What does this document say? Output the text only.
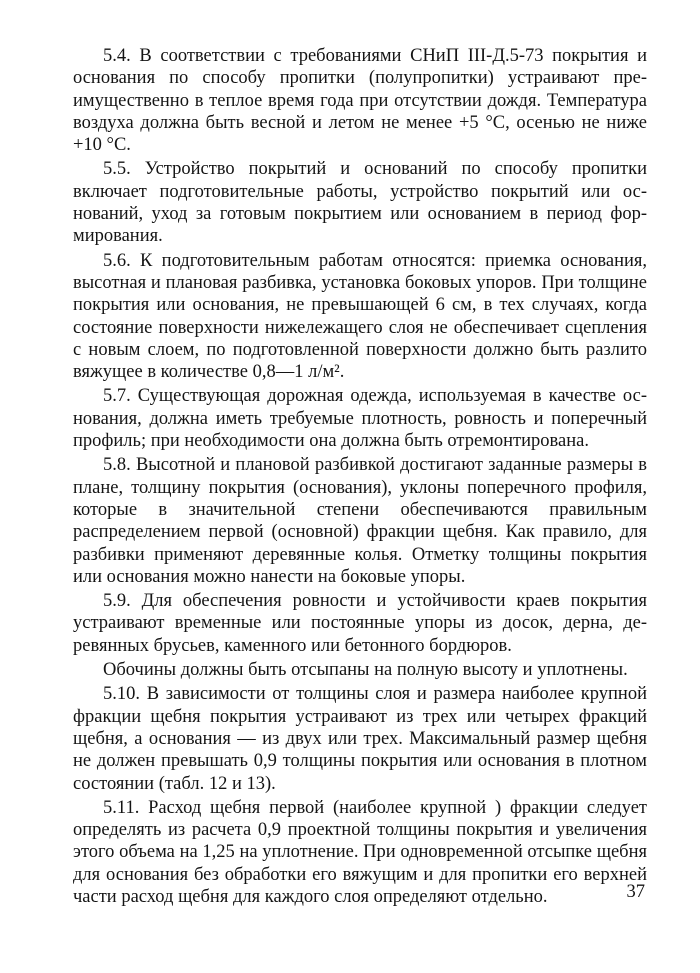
5.4. В соответствии с требованиями СНиП III-Д.5-73 покрытия и основания по способу пропитки (полупропитки) устраивают преимущественно в теплое время года при отсутствии дождя. Температура воздуха должна быть весной и летом не менее +5 °С, осенью не ниже +10 °С.

5.5. Устройство покрытий и оснований по способу пропитки включает подготовительные работы, устройство покрытий или оснований, уход за готовым покрытием или основанием в период формирования.

5.6. К подготовительным работам относятся: приемка основания, высотная и плановая разбивка, установка боковых упоров. При толщине покрытия или основания, не превышающей 6 см, в тех случаях, когда состояние поверхности нижележащего слоя не обеспечивает сцепления с новым слоем, по подготовленной поверхности должно быть разлито вяжущее в количестве 0,8—1 л/м².

5.7. Существующая дорожная одежда, используемая в качестве основания, должна иметь требуемые плотность, ровность и поперечный профиль; при необходимости она должна быть отремонтирована.

5.8. Высотной и плановой разбивкой достигают заданные размеры в плане, толщину покрытия (основания), уклоны поперечного профиля, которые в значительной степени обеспечиваются правильным распределением первой (основной) фракции щебня. Как правило, для разбивки применяют деревянные колья. Отметку толщины покрытия или основания можно нанести на боковые упоры.

5.9. Для обеспечения ровности и устойчивости краев покрытия устраивают временные или постоянные упоры из досок, дерна, деревянных брусьев, каменного или бетонного бордюров.

Обочины должны быть отсыпаны на полную высоту и уплотнены.

5.10. В зависимости от толщины слоя и размера наиболее крупной фракции щебня покрытия устраивают из трех или четырех фракций щебня, а основания — из двух или трех. Максимальный размер щебня не должен превышать 0,9 толщины покрытия или основания в плотном состоянии (табл. 12 и 13).

5.11. Расход щебня первой (наиболее крупной ) фракции следует определять из расчета 0,9 проектной толщины покрытия и увеличения этого объема на 1,25 на уплотнение. При одновременной отсыпке щебня для основания без обработки его вяжущим и для пропитки его верхней части расход щебня для каждого слоя определяют отдельно.	37
